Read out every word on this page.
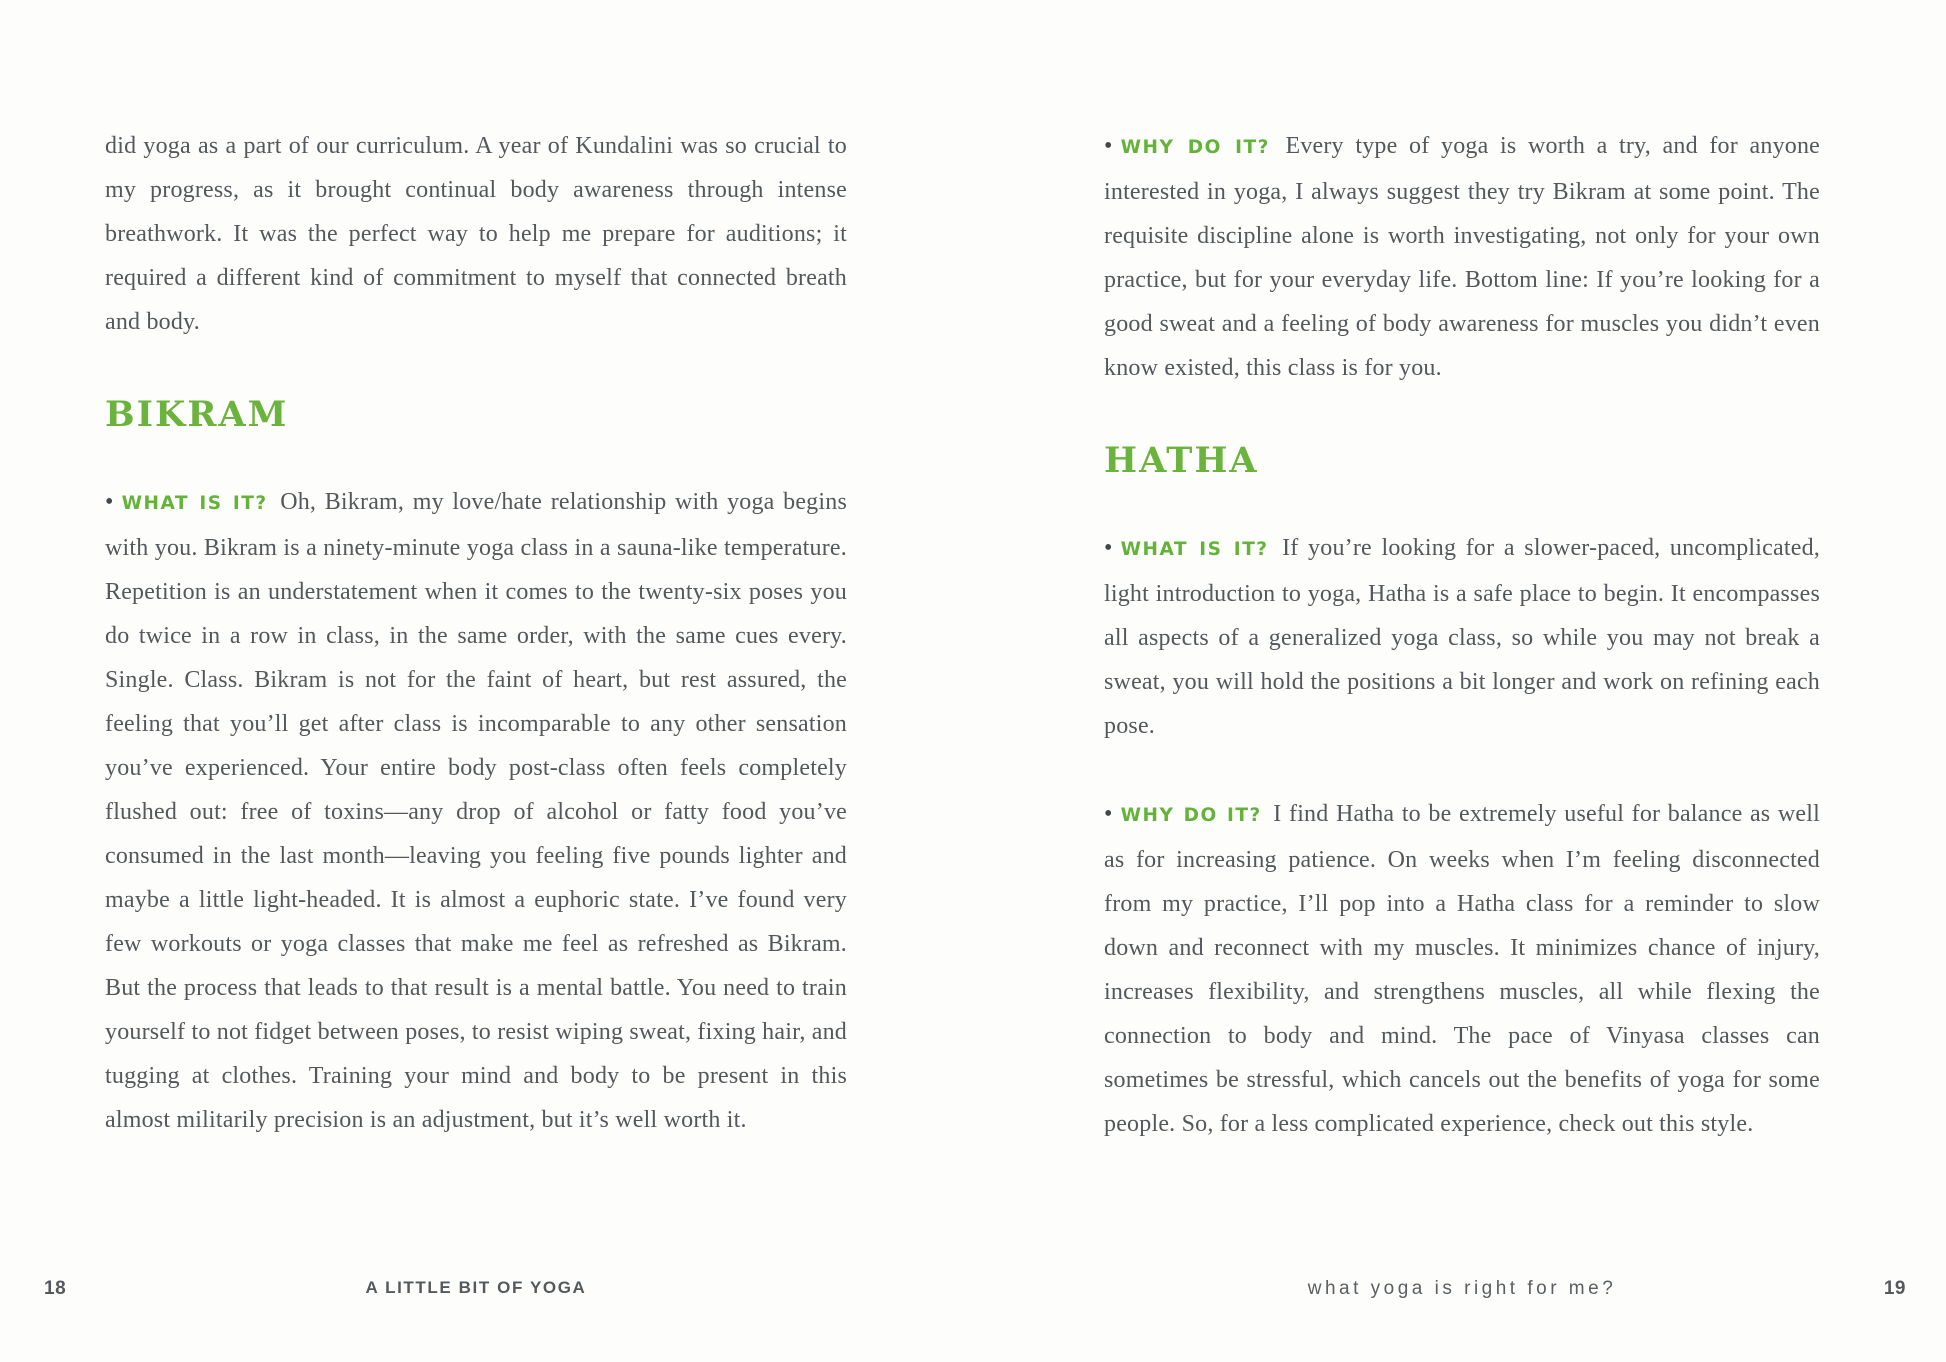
did yoga as a part of our curriculum. A year of Kundalini was so crucial to my progress, as it brought continual body awareness through intense breathwork. It was the perfect way to help me prepare for auditions; it required a different kind of commitment to myself that connected breath and body.

BIKRAM

• WHAT IS IT? Oh, Bikram, my love/hate relationship with yoga begins with you. Bikram is a ninety-minute yoga class in a sauna-like temperature. Repetition is an understatement when it comes to the twenty-six poses you do twice in a row in class, in the same order, with the same cues every. Single. Class. Bikram is not for the faint of heart, but rest assured, the feeling that you’ll get after class is incomparable to any other sensation you’ve experienced. Your entire body post-class often feels completely flushed out: free of toxins—any drop of alcohol or fatty food you’ve consumed in the last month—leaving you feeling five pounds lighter and maybe a little light-headed. It is almost a euphoric state. I’ve found very few workouts or yoga classes that make me feel as refreshed as Bikram. But the process that leads to that result is a mental battle. You need to train yourself to not fidget between poses, to resist wiping sweat, fixing hair, and tugging at clothes. Training your mind and body to be present in this almost militarily precision is an adjustment, but it’s well worth it.

• WHY DO IT? Every type of yoga is worth a try, and for anyone interested in yoga, I always suggest they try Bikram at some point. The requisite discipline alone is worth investigating, not only for your own practice, but for your everyday life. Bottom line: If you’re looking for a good sweat and a feeling of body awareness for muscles you didn’t even know existed, this class is for you.

HATHA

• WHAT IS IT? If you’re looking for a slower-paced, uncomplicated, light introduction to yoga, Hatha is a safe place to begin. It encompasses all aspects of a generalized yoga class, so while you may not break a sweat, you will hold the positions a bit longer and work on refining each pose.

• WHY DO IT? I find Hatha to be extremely useful for balance as well as for increasing patience. On weeks when I’m feeling disconnected from my practice, I’ll pop into a Hatha class for a reminder to slow down and reconnect with my muscles. It minimizes chance of injury, increases flexibility, and strengthens muscles, all while flexing the connection to body and mind. The pace of Vinyasa classes can sometimes be stressful, which cancels out the benefits of yoga for some people. So, for a less complicated experience, check out this style.

18	A LITTLE BIT OF YOGA	what yoga is right for me?	19
